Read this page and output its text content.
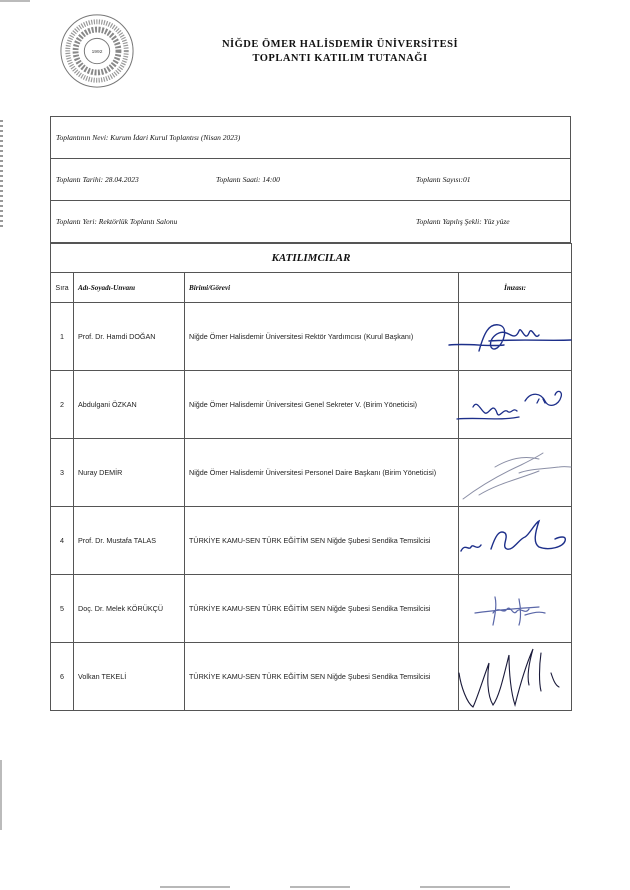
1992
NİĞDE ÖMER HALİSDEMİR ÜNİVERSİTESİ
TOPLANTI KATILIM TUTANAĞI
Toplantının Nevi: Kurum İdari Kurul Toplantısı (Nisan 2023)		
Toplantı Tarihi: 28.04.2023	Toplantı Saati: 14:00	Toplantı Sayısı:01
Toplantı Yeri: Rektörlük Toplantı Salonu		Toplantı Yapılış Şekli: Yüz yüze
KATILIMCILAR			
Sıra	Adı-Soyadı-Unvanı	Birimi/Görevi	İmzası:
1	Prof. Dr. Hamdi DOĞAN	Niğde Ömer Halisdemir Üniversitesi Rektör Yardımcısı (Kurul Başkanı)	

2	Abdulgani ÖZKAN	Niğde Ömer Halisdemir Üniversitesi Genel Sekreter V. (Birim Yöneticisi)	

3	Nuray DEMİR	Niğde Ömer Halisdemir Üniversitesi Personel Daire Başkanı (Birim Yöneticisi)	

4	Prof. Dr. Mustafa TALAS	TÜRKİYE KAMU-SEN TÜRK EĞİTİM SEN Niğde Şubesi Sendika Temsilcisi	

5	Doç. Dr. Melek KÖRÜKÇÜ	TÜRKİYE KAMU-SEN TÜRK EĞİTİM SEN Niğde Şubesi Sendika Temsilcisi	

6	Volkan TEKELİ	TÜRKİYE KAMU-SEN TÜRK EĞİTİM SEN Niğde Şubesi Sendika Temsilcisi	
